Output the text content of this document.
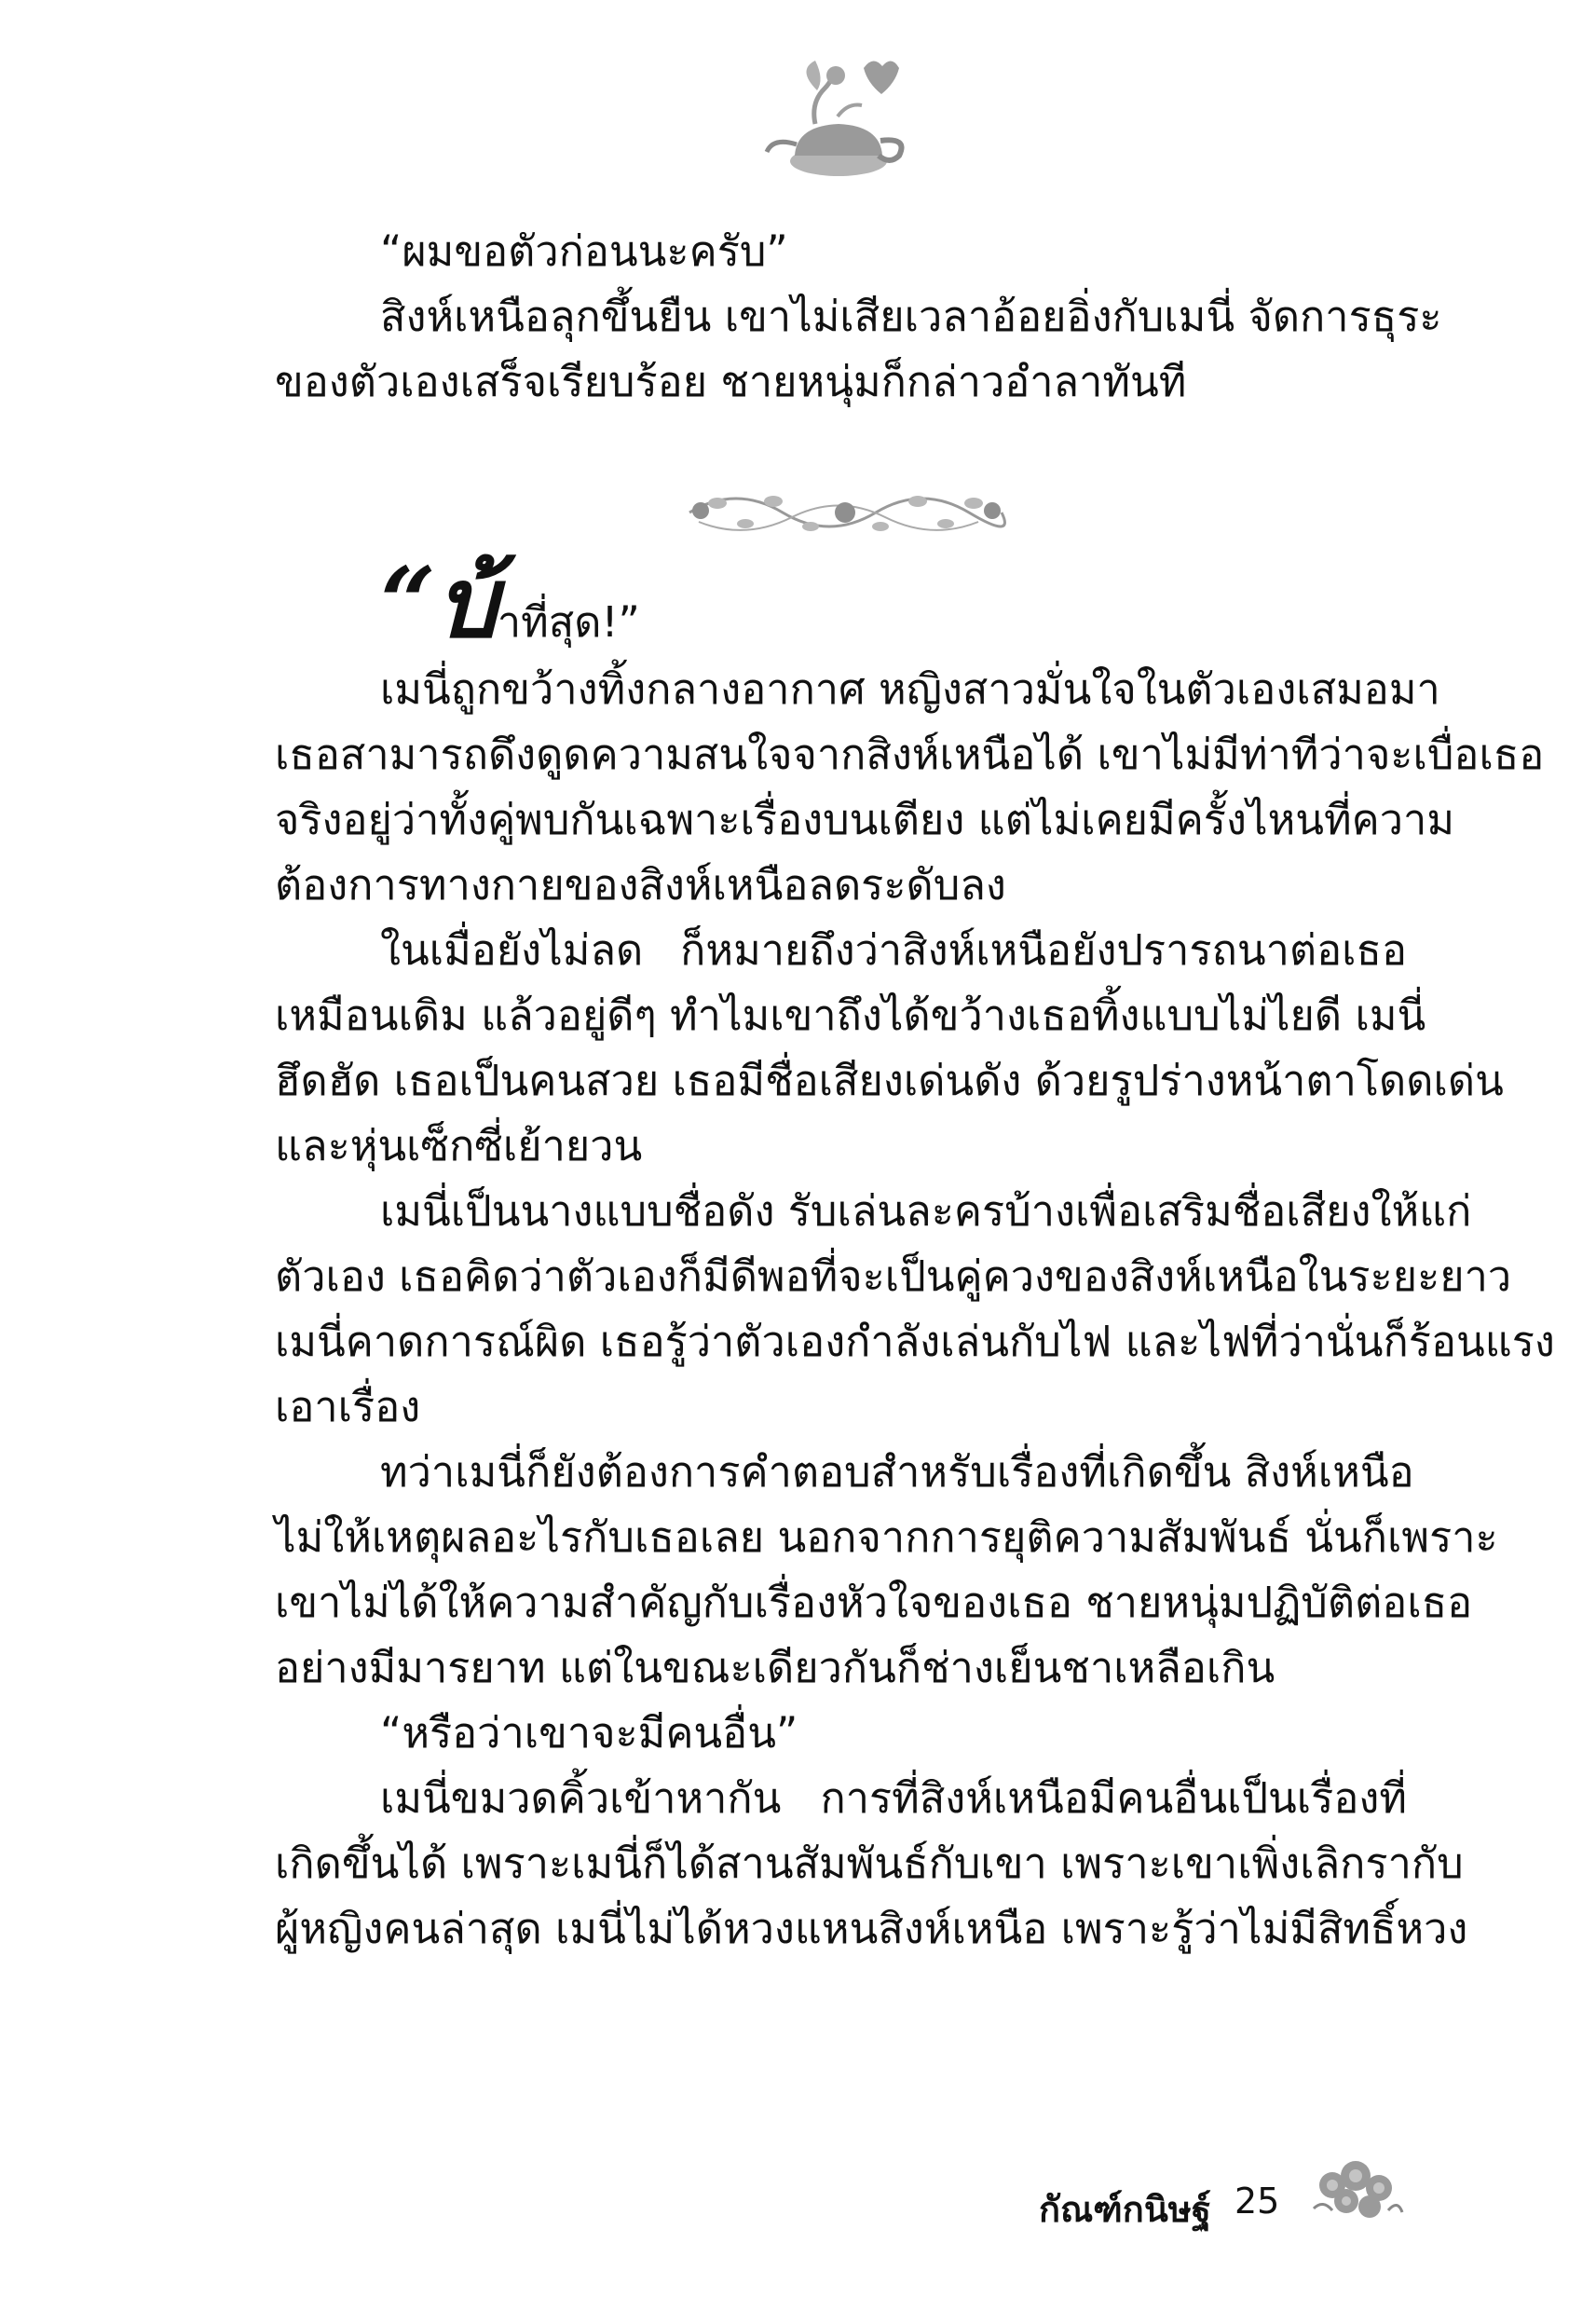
“ผมขอตัวก่อนนะครับ”
สิงห์เหนือลุกขึ้นยืน เขาไม่เสียเวลาอ้อยอิ่งกับเมนี่ จัดการธุระ
ของตัวเองเสร็จเรียบร้อย ชายหนุ่มก็กล่าวอำลาทันที
“บ้าที่สุด!”
เมนี่ถูกขว้างทิ้งกลางอากาศ หญิงสาวมั่นใจในตัวเองเสมอมา
เธอสามารถดึงดูดความสนใจจากสิงห์เหนือได้ เขาไม่มีท่าทีว่าจะเบื่อเธอ
จริงอยู่ว่าทั้งคู่พบกันเฉพาะเรื่องบนเตียง แต่ไม่เคยมีครั้งไหนที่ความ
ต้องการทางกายของสิงห์เหนือลดระดับลง
ในเมื่อยังไม่ลด ก็หมายถึงว่าสิงห์เหนือยังปรารถนาต่อเธอ
เหมือนเดิม แล้วอยู่ดีๆ ทำไมเขาถึงได้ขว้างเธอทิ้งแบบไม่ไยดี เมนี่
ฮึดฮัด เธอเป็นคนสวย เธอมีชื่อเสียงเด่นดัง ด้วยรูปร่างหน้าตาโดดเด่น
และหุ่นเซ็กซี่เย้ายวน
เมนี่เป็นนางแบบชื่อดัง รับเล่นละครบ้างเพื่อเสริมชื่อเสียงให้แก่
ตัวเอง เธอคิดว่าตัวเองก็มีดีพอที่จะเป็นคู่ควงของสิงห์เหนือในระยะยาว
เมนี่คาดการณ์ผิด เธอรู้ว่าตัวเองกำลังเล่นกับไฟ และไฟที่ว่านั่นก็ร้อนแรง
เอาเรื่อง
ทว่าเมนี่ก็ยังต้องการคำตอบสำหรับเรื่องที่เกิดขึ้น สิงห์เหนือ
ไม่ให้เหตุผลอะไรกับเธอเลย นอกจากการยุติความสัมพันธ์ นั่นก็เพราะ
เขาไม่ได้ให้ความสำคัญกับเรื่องหัวใจของเธอ ชายหนุ่มปฏิบัติต่อเธอ
อย่างมีมารยาท แต่ในขณะเดียวกันก็ช่างเย็นชาเหลือเกิน
“หรือว่าเขาจะมีคนอื่น”
เมนี่ขมวดคิ้วเข้าหากัน การที่สิงห์เหนือมีคนอื่นเป็นเรื่องที่
เกิดขึ้นได้ เพราะเมนี่ก็ได้สานสัมพันธ์กับเขา เพราะเขาเพิ่งเลิกรากับ
ผู้หญิงคนล่าสุด เมนี่ไม่ได้หวงแหนสิงห์เหนือ เพราะรู้ว่าไม่มีสิทธิ์หวง
กัณฑ์กนิษฐ์ 25
